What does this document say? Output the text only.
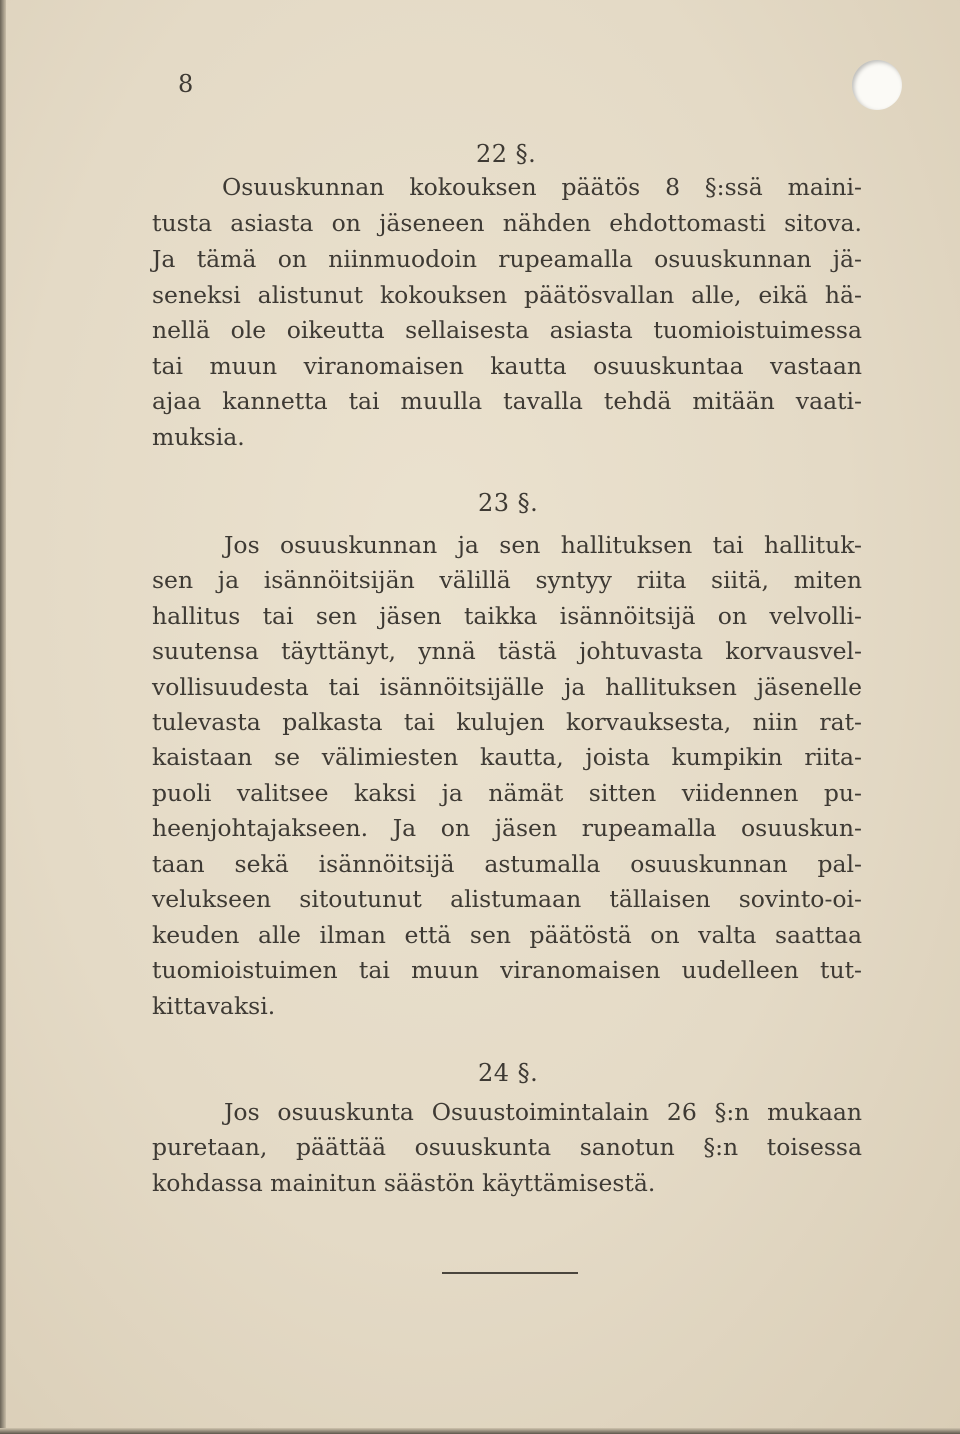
8
22 §.
Osuuskunnan kokouksen päätös 8 §:ssä maini-
tusta asiasta on jäseneen nähden ehdottomasti sitova.
Ja tämä on niinmuodoin rupeamalla osuuskunnan jä-
seneksi alistunut kokouksen päätösvallan alle, eikä hä-
nellä ole oikeutta sellaisesta asiasta tuomioistuimessa
tai muun viranomaisen kautta osuuskuntaa vastaan
ajaa kannetta tai muulla tavalla tehdä mitään vaati-
muksia.
23 §.
Jos osuuskunnan ja sen hallituksen tai hallituk-
sen ja isännöitsijän välillä syntyy riita siitä, miten
hallitus tai sen jäsen taikka isännöitsijä on velvolli-
suutensa täyttänyt, ynnä tästä johtuvasta korvausvel-
vollisuudesta tai isännöitsijälle ja hallituksen jäsenelle
tulevasta palkasta tai kulujen korvauksesta, niin rat-
kaistaan se välimiesten kautta, joista kumpikin riita-
puoli valitsee kaksi ja nämät sitten viidennen pu-
heenjohtajakseen. Ja on jäsen rupeamalla osuuskun-
taan sekä isännöitsijä astumalla osuuskunnan pal-
velukseen sitoutunut alistumaan tällaisen sovinto-oi-
keuden alle ilman että sen päätöstä on valta saattaa
tuomioistuimen tai muun viranomaisen uudelleen tut-
kittavaksi.
24 §.
Jos osuuskunta Osuustoimintalain 26 §:n mukaan
puretaan, päättää osuuskunta sanotun §:n toisessa
kohdassa mainitun säästön käyttämisestä.
